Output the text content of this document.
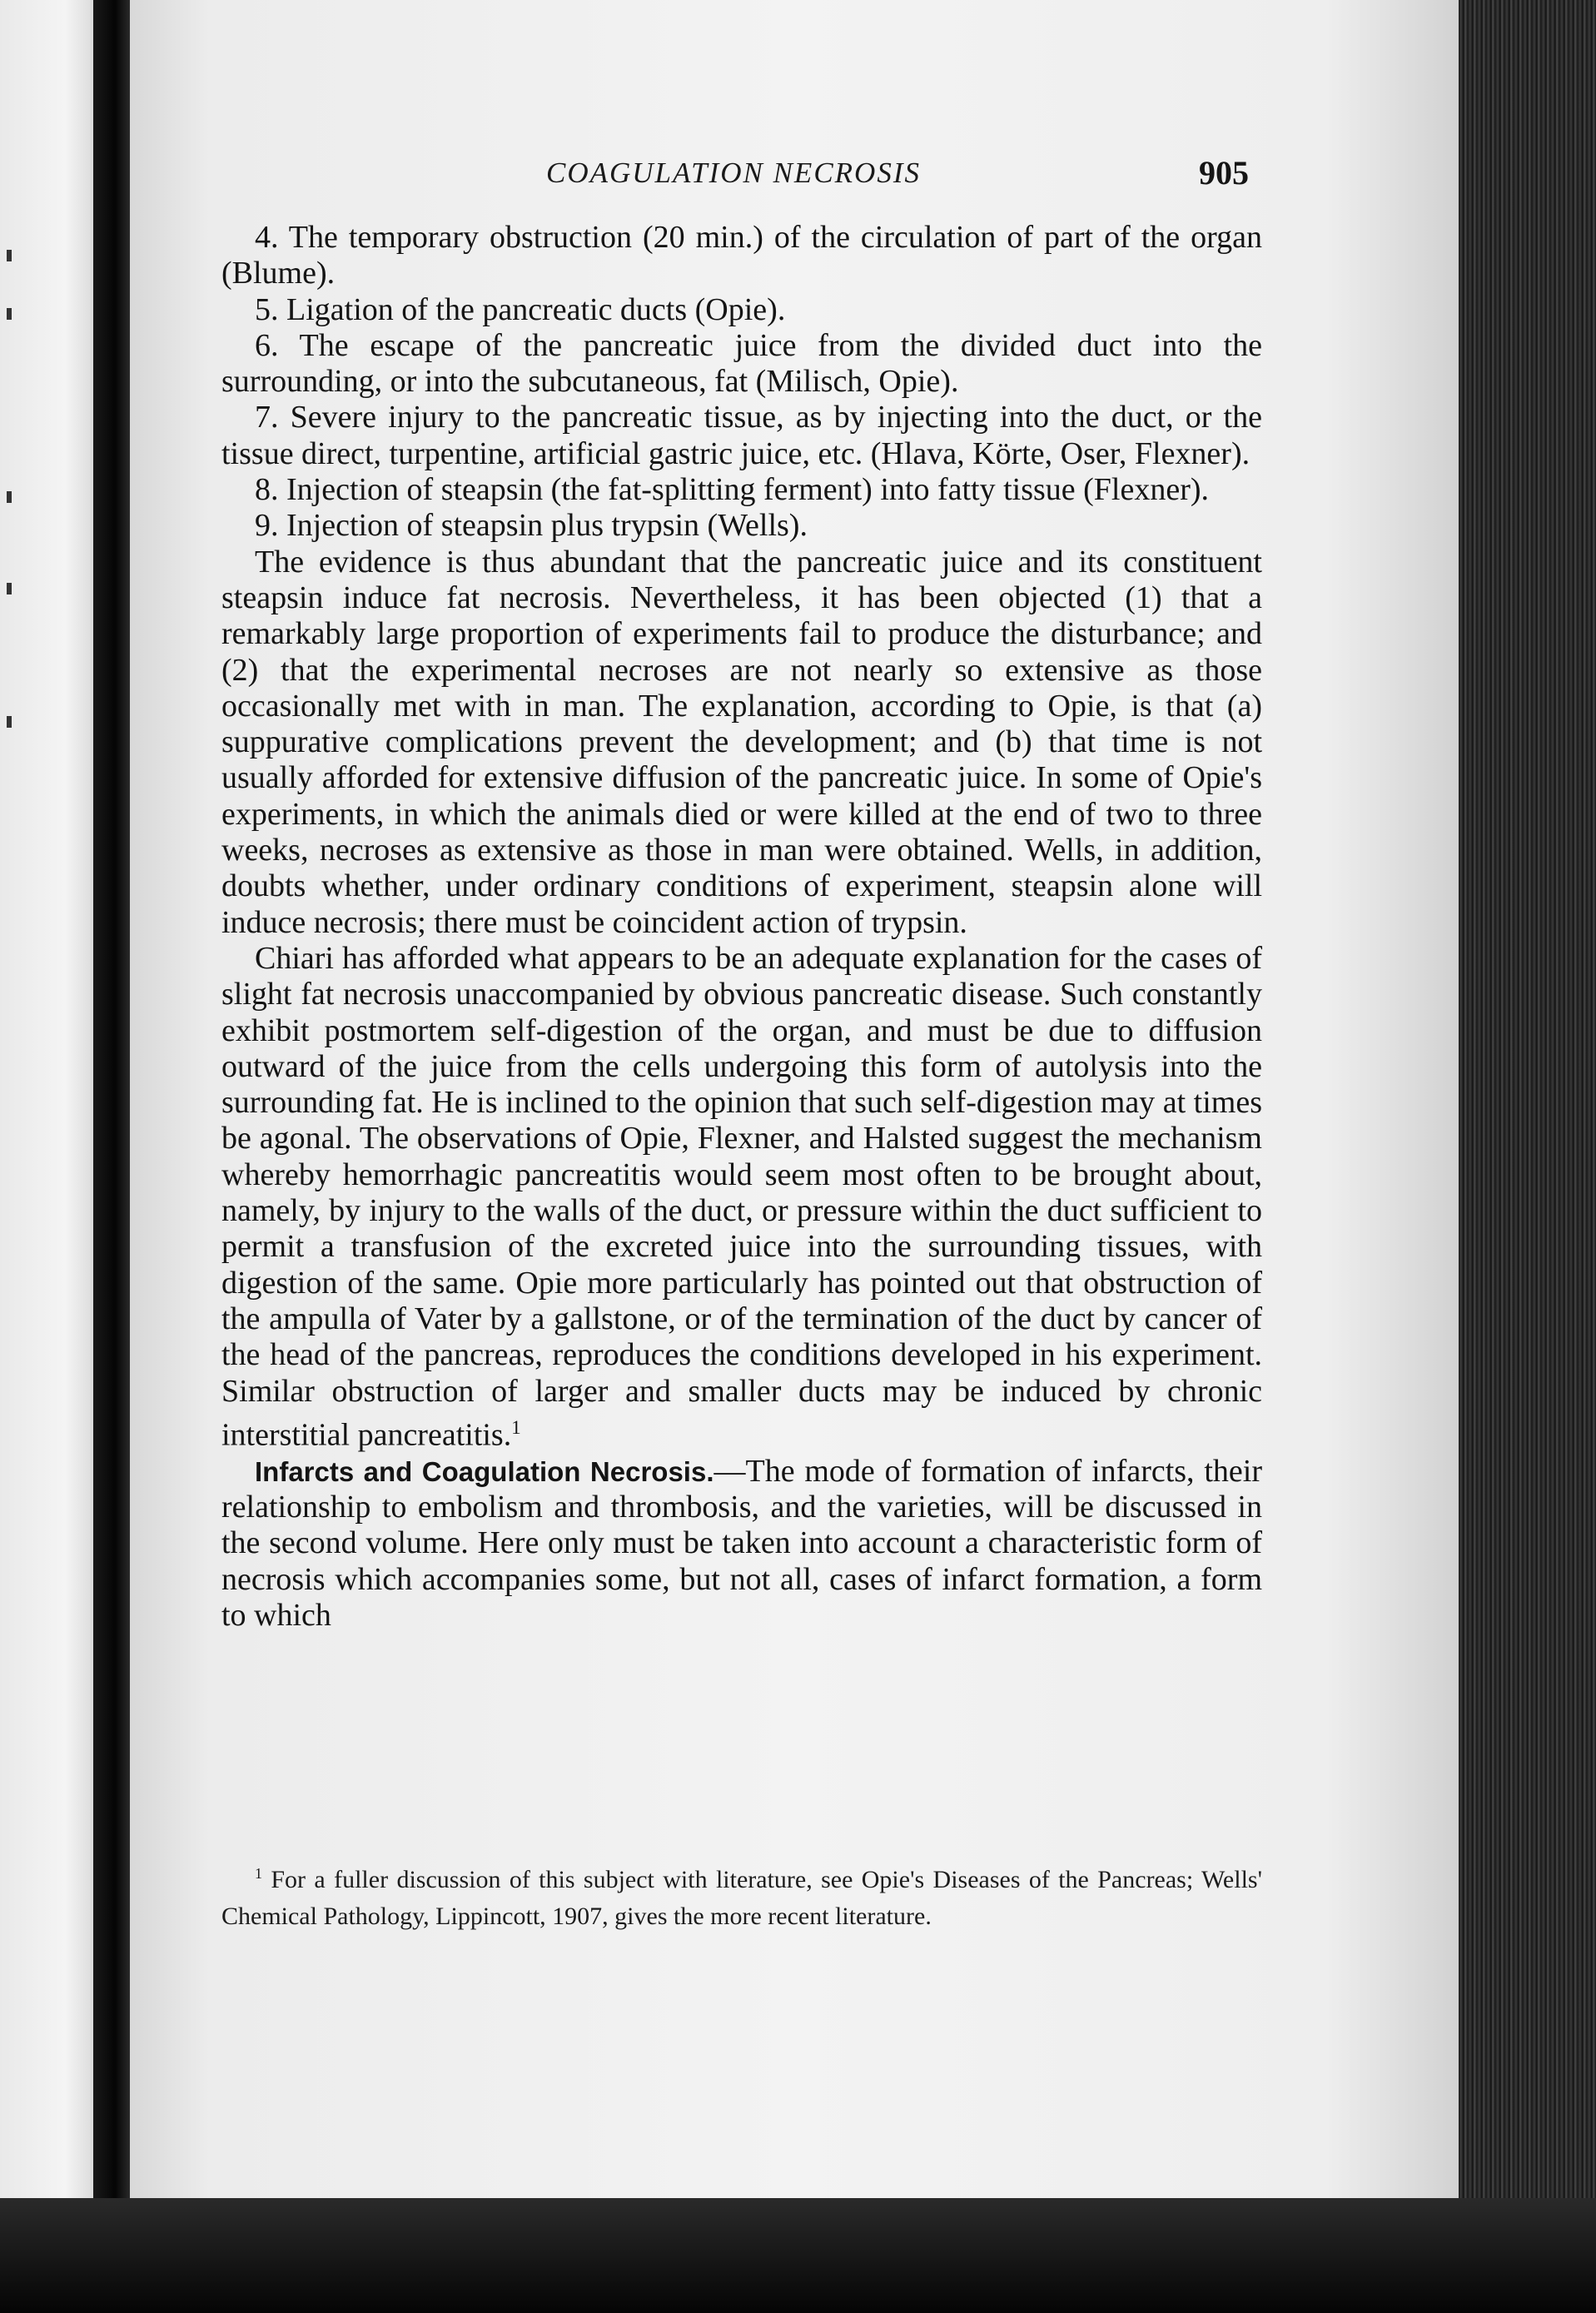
COAGULATION NECROSIS	905

4. The temporary obstruction (20 min.) of the circulation of part of the organ (Blume).

5. Ligation of the pancreatic ducts (Opie).

6. The escape of the pancreatic juice from the divided duct into the surrounding, or into the subcutaneous, fat (Milisch, Opie).

7. Severe injury to the pancreatic tissue, as by injecting into the duct, or the tissue direct, turpentine, artificial gastric juice, etc. (Hlava, Körte, Oser, Flexner).

8. Injection of steapsin (the fat-splitting ferment) into fatty tissue (Flexner).

9. Injection of steapsin plus trypsin (Wells).

The evidence is thus abundant that the pancreatic juice and its constituent steapsin induce fat necrosis. Nevertheless, it has been objected (1) that a remarkably large proportion of experiments fail to produce the disturbance; and (2) that the experimental necroses are not nearly so extensive as those occasionally met with in man. The explanation, according to Opie, is that (a) suppurative complications prevent the development; and (b) that time is not usually afforded for extensive diffusion of the pancreatic juice. In some of Opie's experiments, in which the animals died or were killed at the end of two to three weeks, necroses as extensive as those in man were obtained. Wells, in addition, doubts whether, under ordinary conditions of experiment, steapsin alone will induce necrosis; there must be coincident action of trypsin.

Chiari has afforded what appears to be an adequate explanation for the cases of slight fat necrosis unaccompanied by obvious pancreatic disease. Such constantly exhibit postmortem self-digestion of the organ, and must be due to diffusion outward of the juice from the cells undergoing this form of autolysis into the surrounding fat. He is inclined to the opinion that such self-digestion may at times be agonal. The observations of Opie, Flexner, and Halsted suggest the mechanism whereby hemorrhagic pancreatitis would seem most often to be brought about, namely, by injury to the walls of the duct, or pressure within the duct sufficient to permit a transfusion of the excreted juice into the surrounding tissues, with digestion of the same. Opie more particularly has pointed out that obstruction of the ampulla of Vater by a gallstone, or of the termination of the duct by cancer of the head of the pancreas, reproduces the conditions developed in his experiment. Similar obstruction of larger and smaller ducts may be induced by chronic interstitial pancreatitis.$^1$

Infarcts and Coagulation Necrosis.—The mode of formation of infarcts, their relationship to embolism and thrombosis, and the varieties, will be discussed in the second volume. Here only must be taken into account a characteristic form of necrosis which accompanies some, but not all, cases of infarct formation, a form to which

$^1$ For a fuller discussion of this subject with literature, see Opie's Diseases of the Pancreas; Wells' Chemical Pathology, Lippincott, 1907, gives the more recent literature.
